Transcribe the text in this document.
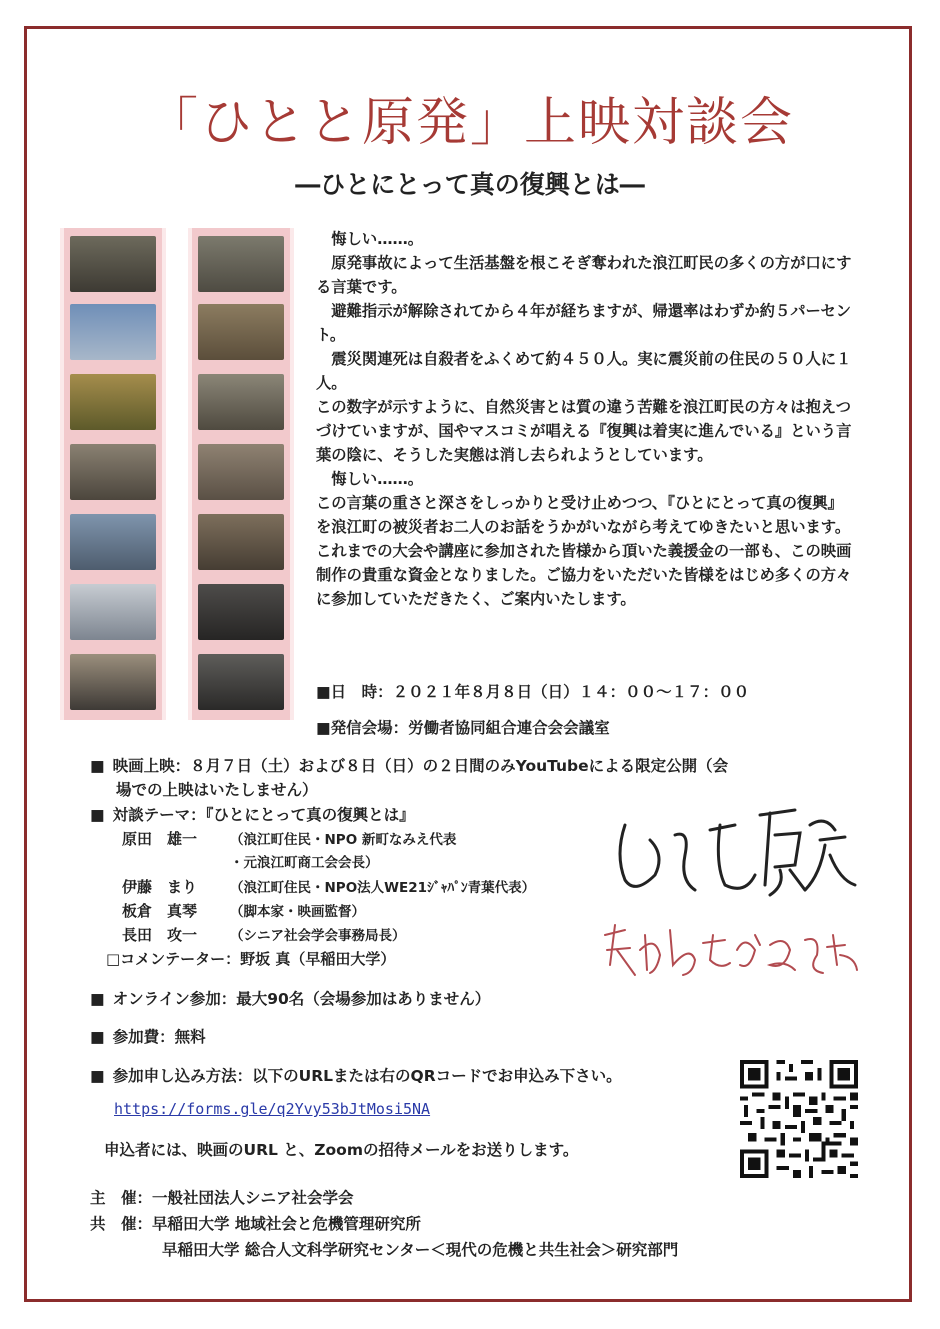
「ひとと原発」上映対談会
―ひとにとって真の復興とは―

悔しい……。

原発事故によって生活基盤を根こそぎ奪われた浪江町民の多くの方が口にする言葉です。

避難指示が解除されてから４年が経ちますが、帰還率はわずか約５パーセント。

震災関連死は自殺者をふくめて約４５０人。実に震災前の住民の５０人に１人。

この数字が示すように、自然災害とは質の違う苦難を浪江町民の方々は抱えつづけていますが、国やマスコミが唱える『復興は着実に進んでいる』という言葉の陰に、そうした実態は消し去られようとしています。

悔しい……。

この言葉の重さと深さをしっかりと受け止めつつ、『ひとにとって真の復興』を浪江町の被災者お二人のお話をうかがいながら考えてゆきたいと思います。これまでの大会や講座に参加された皆様から頂いた義援金の一部も、この映画制作の貴重な資金となりました。ご協力をいただいた皆様をはじめ多くの方々に参加していただきたく、ご案内いたします。

■日　時：２０２１年８月８日（日）１４：００～１７：００
■発信会場：労働者協同組合連合会会議室
■ 映画上映：８月７日（土）および８日（日）の２日間のみYouTubeによる限定公開（会
場での上映はいたしません）
■ 対談テーマ：『ひとにとって真の復興とは』
原田　雄一 （浪江町住民・NPO 新町なみえ代表
・元浪江町商工会会長）
伊藤　まり （浪江町住民・NPO法人WE21ｼﾞｬﾊﾟﾝ青葉代表）
板倉　真琴 （脚本家・映画監督）
長田　攻一 （シニア社会学会事務局長）
□コメンテーター：野坂 真（早稲田大学）
■ オンライン参加：最大90名（会場参加はありません）
■ 参加費：無料
■ 参加申し込み方法：以下のURLまたは右のQRコードでお申込み下さい。
https://forms.gle/q2Yvy53bJtMosi5NA
申込者には、映画のURL と、Zoomの招待メールをお送りします。
主　催：一般社団法人シニア社会学会
共　催：早稲田大学 地域社会と危機管理研究所
早稲田大学 総合人文科学研究センター＜現代の危機と共生社会＞研究部門
ひとと原発
失われたふるさと
